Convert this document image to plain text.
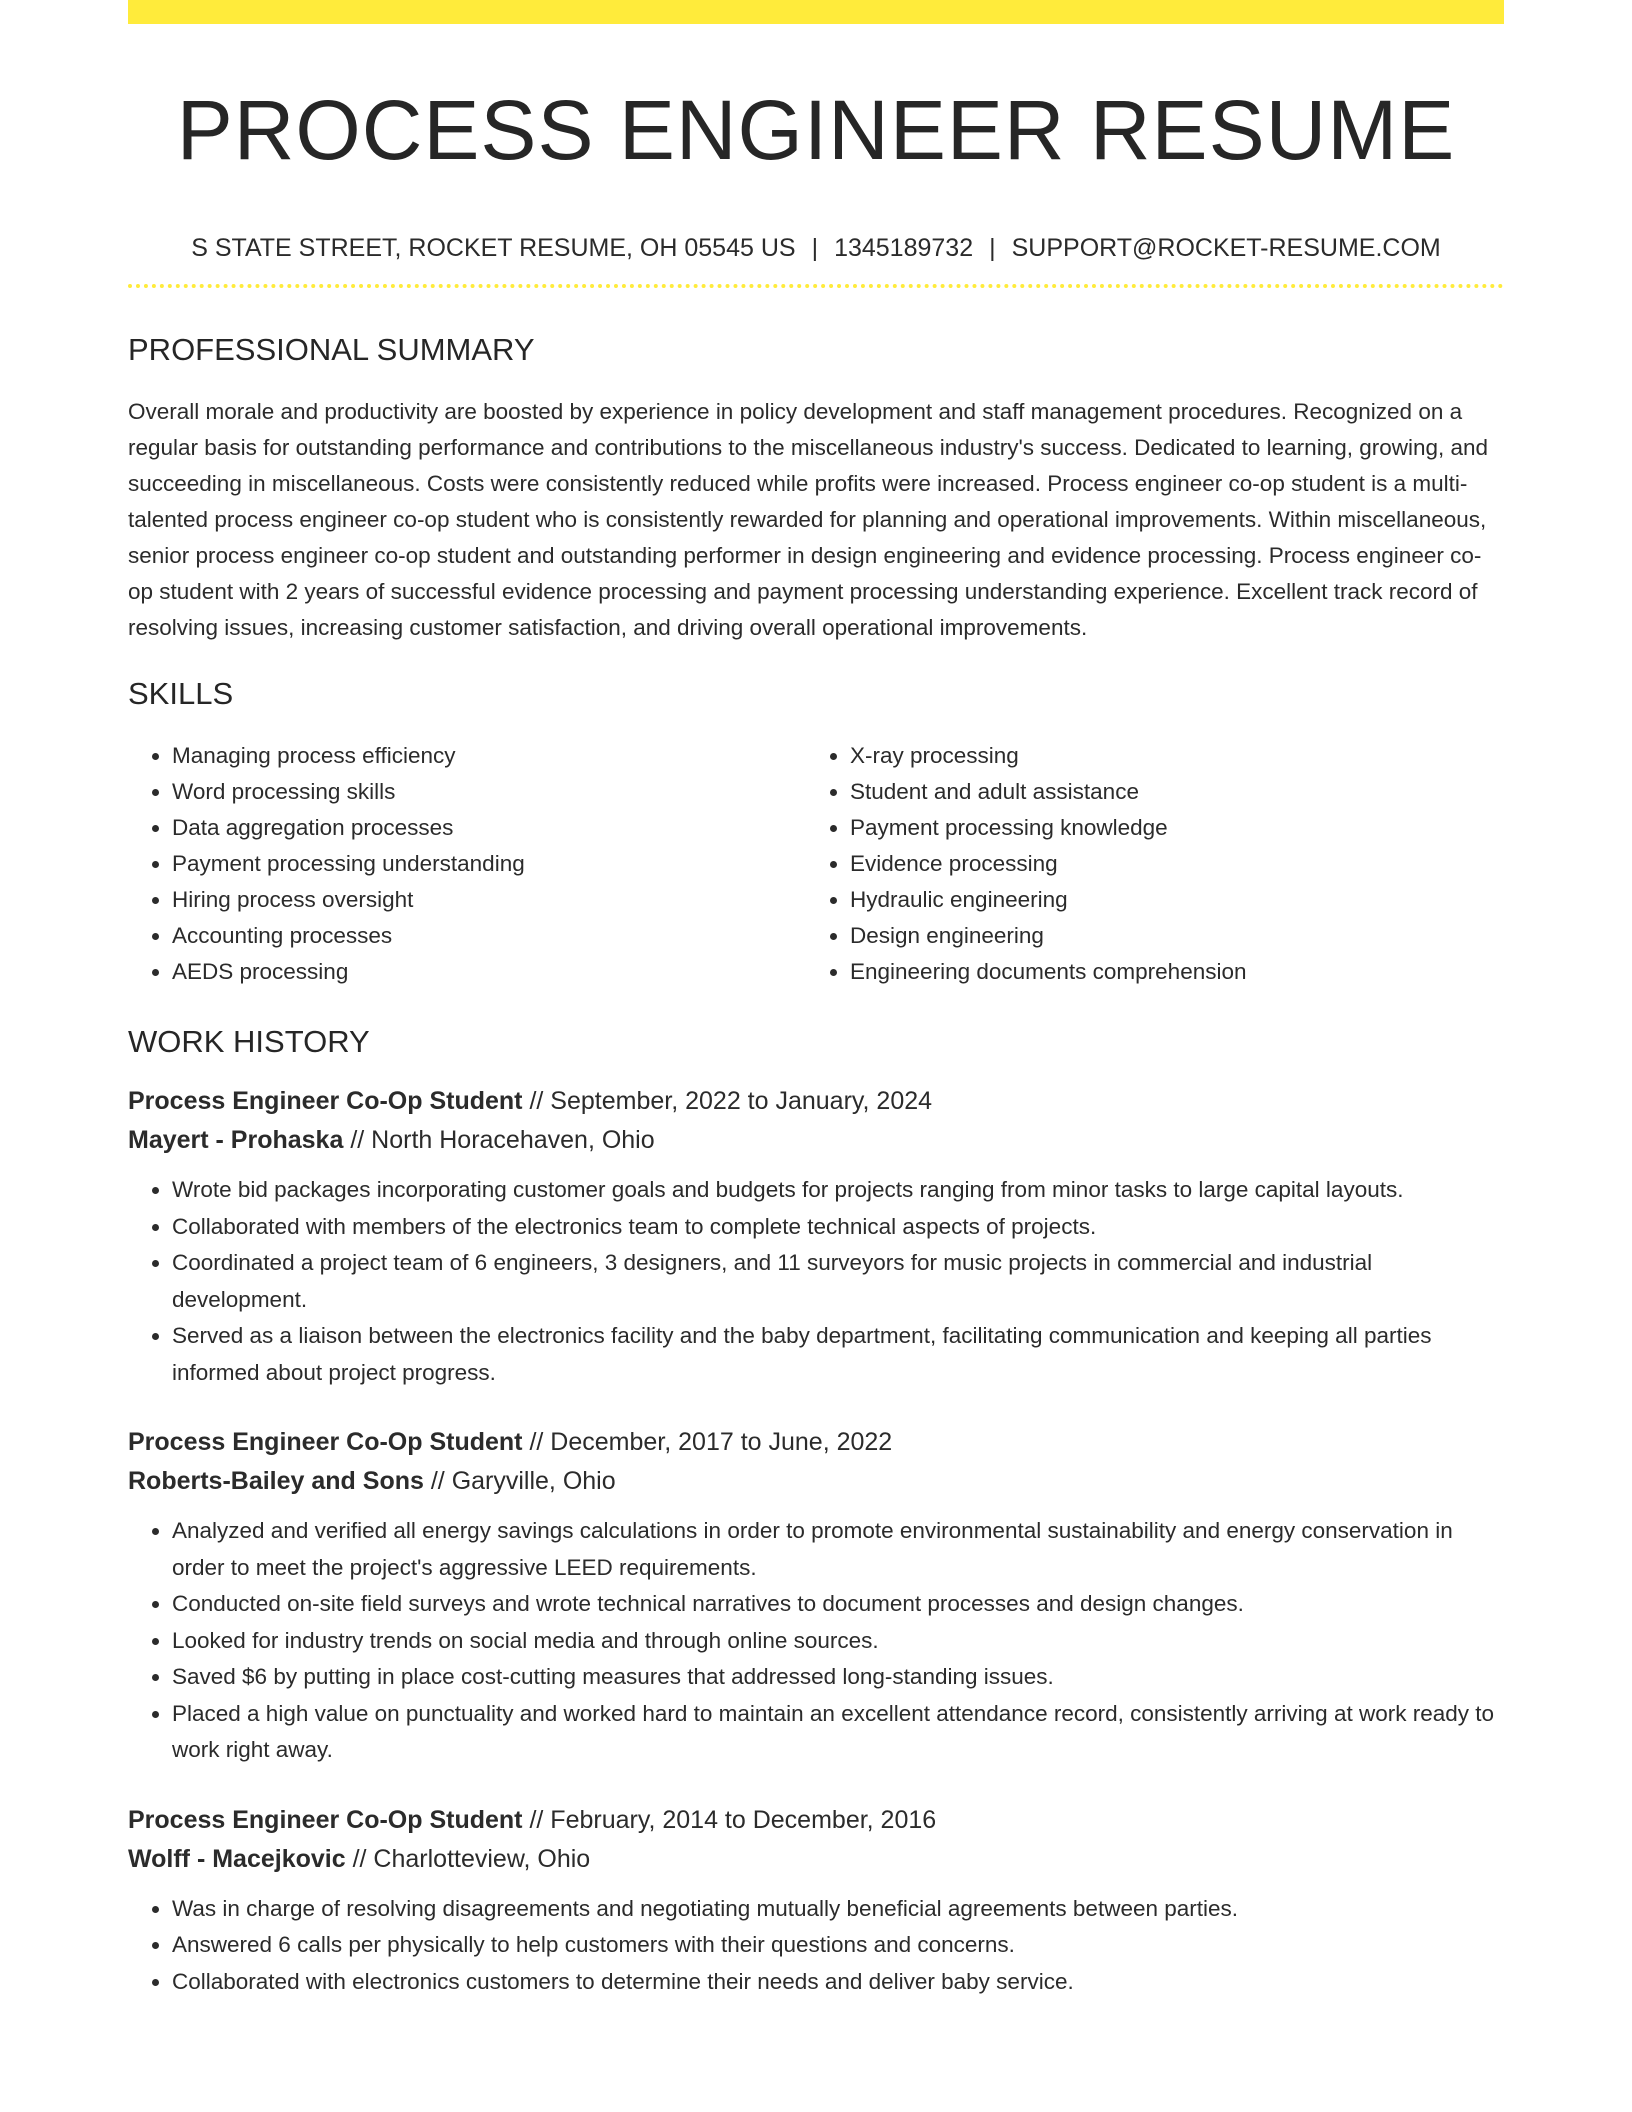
PROCESS ENGINEER RESUME
S STATE STREET, ROCKET RESUME, OH 05545 US | 1345189732 | SUPPORT@ROCKET-RESUME.COM
PROFESSIONAL SUMMARY

Overall morale and productivity are boosted by experience in policy development and staff management procedures. Recognized on a regular basis for outstanding performance and contributions to the miscellaneous industry's success. Dedicated to learning, growing, and succeeding in miscellaneous. Costs were consistently reduced while profits were increased. Process engineer co-op student is a multi-talented process engineer co-op student who is consistently rewarded for planning and operational improvements. Within miscellaneous, senior process engineer co-op student and outstanding performer in design engineering and evidence processing. Process engineer co-op student with 2 years of successful evidence processing and payment processing understanding experience. Excellent track record of resolving issues, increasing customer satisfaction, and driving overall operational improvements.

SKILLS
• Managing process efficiency
• Word processing skills
• Data aggregation processes
• Payment processing understanding
• Hiring process oversight
• Accounting processes
• AEDS processing
• X-ray processing
• Student and adult assistance
• Payment processing knowledge
• Evidence processing
• Hydraulic engineering
• Design engineering
• Engineering documents comprehension
WORK HISTORY
Process Engineer Co-Op Student // September, 2022 to January, 2024
Mayert - Prohaska // North Horacehaven, Ohio
• Wrote bid packages incorporating customer goals and budgets for projects ranging from minor tasks to large capital layouts.
• Collaborated with members of the electronics team to complete technical aspects of projects.
• Coordinated a project team of 6 engineers, 3 designers, and 11 surveyors for music projects in commercial and industrial development.
• Served as a liaison between the electronics facility and the baby department, facilitating communication and keeping all parties informed about project progress.
Process Engineer Co-Op Student // December, 2017 to June, 2022
Roberts-Bailey and Sons // Garyville, Ohio
• Analyzed and verified all energy savings calculations in order to promote environmental sustainability and energy conservation in order to meet the project's aggressive LEED requirements.
• Conducted on-site field surveys and wrote technical narratives to document processes and design changes.
• Looked for industry trends on social media and through online sources.
• Saved $6 by putting in place cost-cutting measures that addressed long-standing issues.
• Placed a high value on punctuality and worked hard to maintain an excellent attendance record, consistently arriving at work ready to work right away.
Process Engineer Co-Op Student // February, 2014 to December, 2016
Wolff - Macejkovic // Charlotteview, Ohio
• Was in charge of resolving disagreements and negotiating mutually beneficial agreements between parties.
• Answered 6 calls per physically to help customers with their questions and concerns.
• Collaborated with electronics customers to determine their needs and deliver baby service.
